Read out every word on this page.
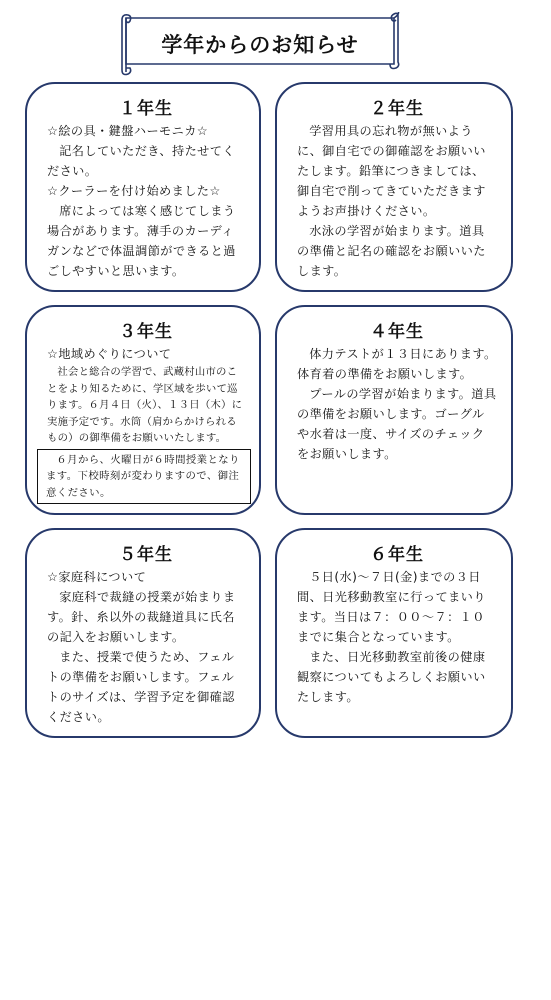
学年からのお知らせ
１年生

☆絵の具・鍵盤ハーモニカ☆

記名していただき、持たせてください。

☆クーラーを付け始めました☆

席によっては寒く感じてしまう場合があります。薄手のカーディガンなどで体温調節ができると過ごしやすいと思います。

２年生

学習用具の忘れ物が無いように、御自宅での御確認をお願いいたします。鉛筆につきましては、御自宅で削ってきていただきますようお声掛けください。

水泳の学習が始まります。道具の準備と記名の確認をお願いいたします。

３年生

☆地域めぐりについて

社会と総合の学習で、武蔵村山市のことをより知るために、学区域を歩いて巡ります。６月４日（火）、１３日（木）に実施予定です。水筒（肩からかけられるもの）の御準備をお願いいたします。

６月から、火曜日が６時間授業となります。下校時刻が変わりますので、御注意ください。

４年生

体力テストが１３日にあります。体育着の準備をお願いします。

プールの学習が始まります。道具の準備をお願いします。ゴーグルや水着は一度、サイズのチェックをお願いします。

５年生

☆家庭科について

家庭科で裁縫の授業が始まります。針、糸以外の裁縫道具に氏名の記入をお願いします。

また、授業で使うため、フェルトの準備をお願いします。フェルトのサイズは、学習予定を御確認ください。

６年生

５日(水)～７日(金)までの３日間、日光移動教室に行ってまいります。当日は７：００～７：１０までに集合となっています。

また、日光移動教室前後の健康観察についてもよろしくお願いいたします。
